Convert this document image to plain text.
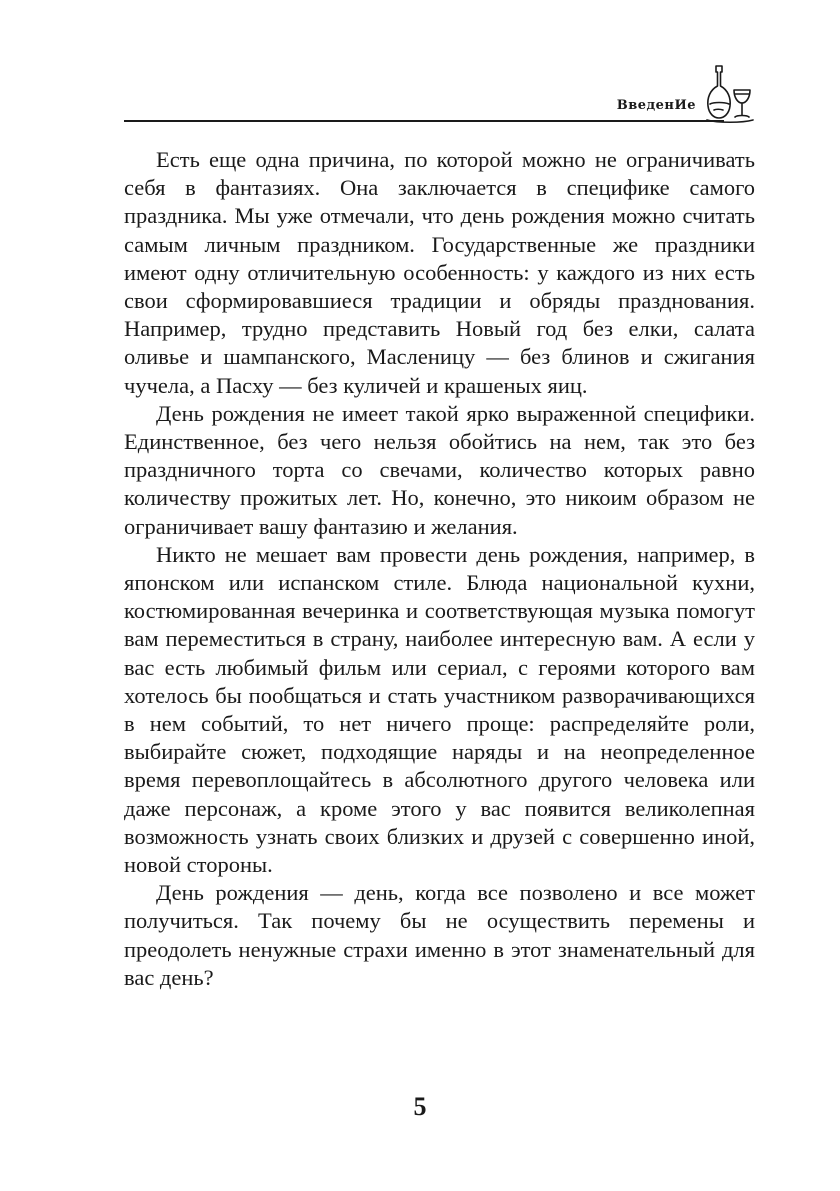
ВведенИе

Есть еще одна причина, по которой можно не ограничивать себя в фантазиях. Она заключается в специфике самого праздника. Мы уже отмечали, что день рождения можно считать самым личным праздником. Государственные же праздники имеют одну отличительную особенность: у каждого из них есть свои сформировавшиеся традиции и обряды празднования. Например, трудно представить Новый год без елки, салата оливье и шампанского, Масленицу — без блинов и сжигания чучела, а Пасху — без куличей и крашеных яиц.

День рождения не имеет такой ярко выраженной специфики. Единственное, без чего нельзя обойтись на нем, так это без праздничного торта со свечами, количество которых равно количеству прожитых лет. Но, конечно, это никоим образом не ограничивает вашу фантазию и желания.

Никто не мешает вам провести день рождения, например, в японском или испанском стиле. Блюда национальной кухни, костюмированная вечеринка и соответствующая музыка помогут вам переместиться в страну, наиболее интересную вам. А если у вас есть любимый фильм или сериал, с героями которого вам хотелось бы пообщаться и стать участником разворачивающихся в нем событий, то нет ничего проще: распределяйте роли, выбирайте сюжет, подходящие наряды и на неопределенное время перевоплощайтесь в абсолютного другого человека или даже персонаж, а кроме этого у вас появится великолепная возможность узнать своих близких и друзей с совершенно иной, новой стороны.

День рождения — день, когда все позволено и все может получиться. Так почему бы не осуществить перемены и преодолеть ненужные страхи именно в этот знаменательный для вас день?

5
